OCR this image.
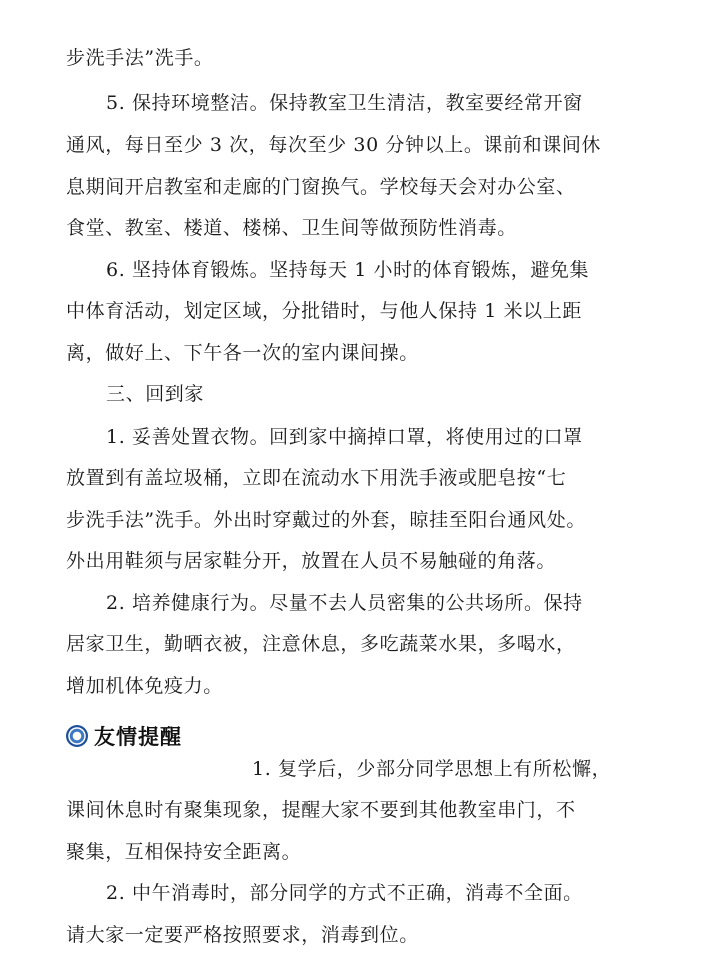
步洗手法”洗手。
5. 保持环境整洁。保持教室卫生清洁，教室要经常开窗
通风，每日至少 3 次，每次至少 30 分钟以上。课前和课间休
息期间开启教室和走廊的门窗换气。学校每天会对办公室、
食堂、教室、楼道、楼梯、卫生间等做预防性消毒。
6. 坚持体育锻炼。坚持每天 1 小时的体育锻炼，避免集
中体育活动，划定区域，分批错时，与他人保持 1 米以上距
离，做好上、下午各一次的室内课间操。
三、回到家
1. 妥善处置衣物。回到家中摘掉口罩，将使用过的口罩
放置到有盖垃圾桶，立即在流动水下用洗手液或肥皂按“七
步洗手法”洗手。外出时穿戴过的外套，晾挂至阳台通风处。
外出用鞋须与居家鞋分开，放置在人员不易触碰的角落。
2. 培养健康行为。尽量不去人员密集的公共场所。保持
居家卫生，勤晒衣被，注意休息，多吃蔬菜水果，多喝水，
增加机体免疫力。
友情提醒
1. 复学后，少部分同学思想上有所松懈，
课间休息时有聚集现象，提醒大家不要到其他教室串门，不
聚集，互相保持安全距离。
2. 中午消毒时，部分同学的方式不正确，消毒不全面。
请大家一定要严格按照要求，消毒到位。
